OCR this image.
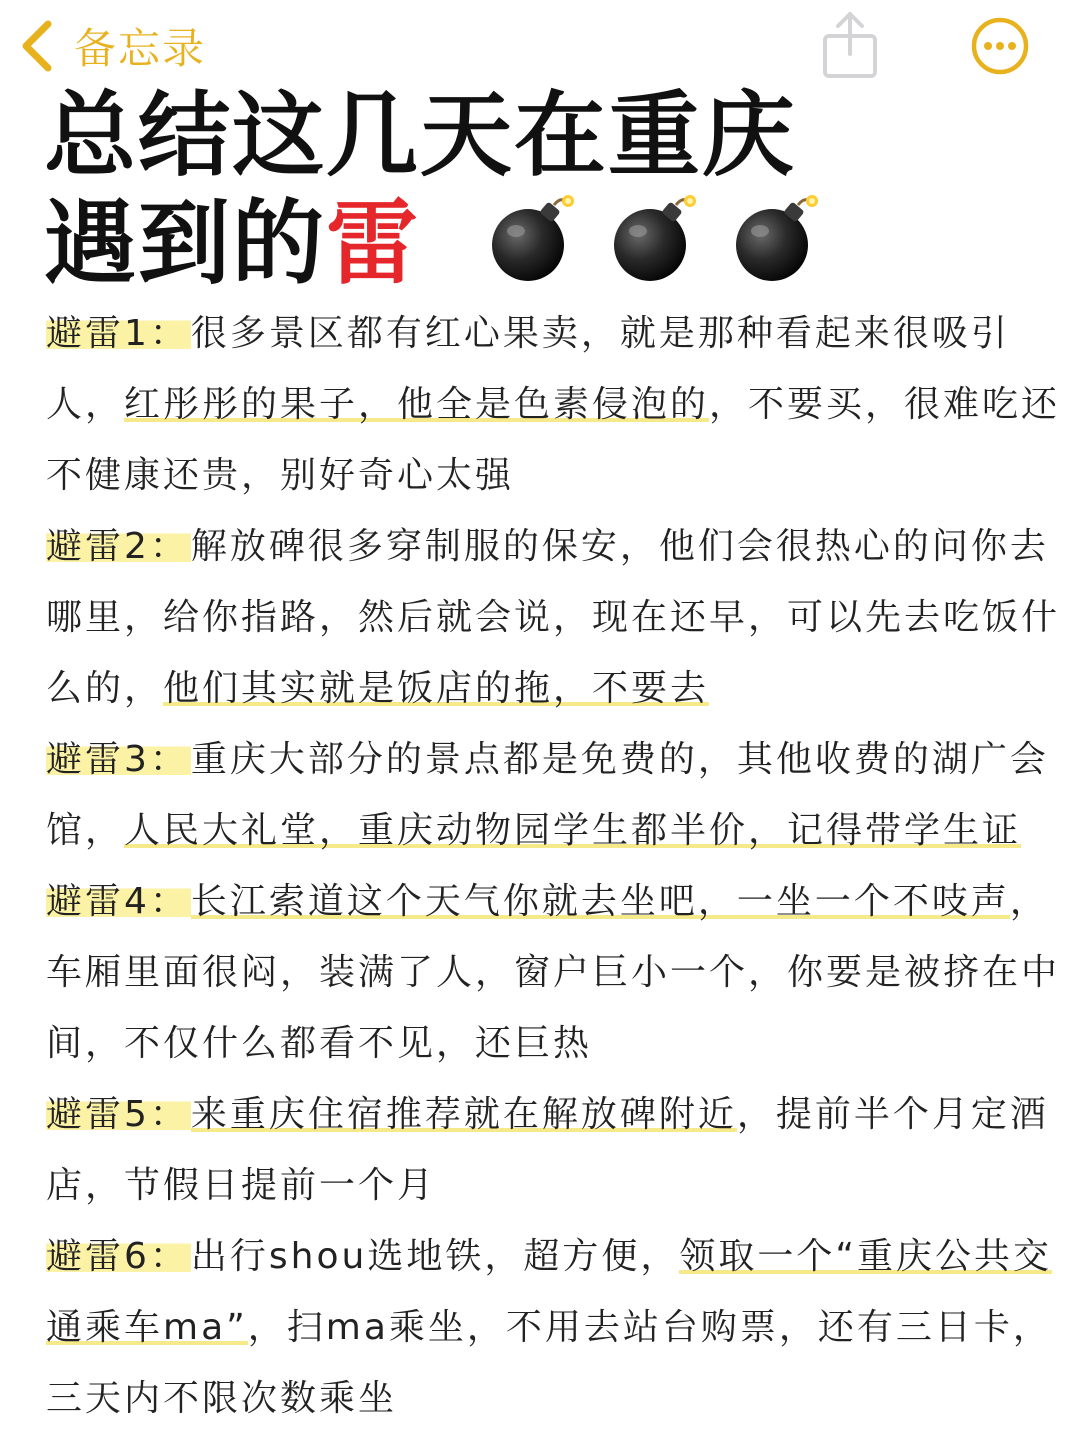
备忘录
总结这几天在重庆
遇到的雷

避雷1：很多景区都有红心果卖，就是那种看起来很吸引人，红彤彤的果子，他全是色素侵泡的，不要买，很难吃还不健康还贵，别好奇心太强

避雷2：解放碑很多穿制服的保安，他们会很热心的问你去哪里，给你指路，然后就会说，现在还早，可以先去吃饭什么的，他们其实就是饭店的拖，不要去

避雷3：重庆大部分的景点都是免费的，其他收费的湖广会馆，人民大礼堂，重庆动物园学生都半价，记得带学生证

避雷4：长江索道这个天气你就去坐吧，一坐一个不吱声，车厢里面很闷，装满了人，窗户巨小一个，你要是被挤在中间，不仅什么都看不见，还巨热

避雷5：来重庆住宿推荐就在解放碑附近，提前半个月定酒店，节假日提前一个月

避雷6：出行shou选地铁，超方便，领取一个“重庆公共交通乘车ma”，扫ma乘坐，不用去站台购票，还有三日卡，三天内不限次数乘坐
